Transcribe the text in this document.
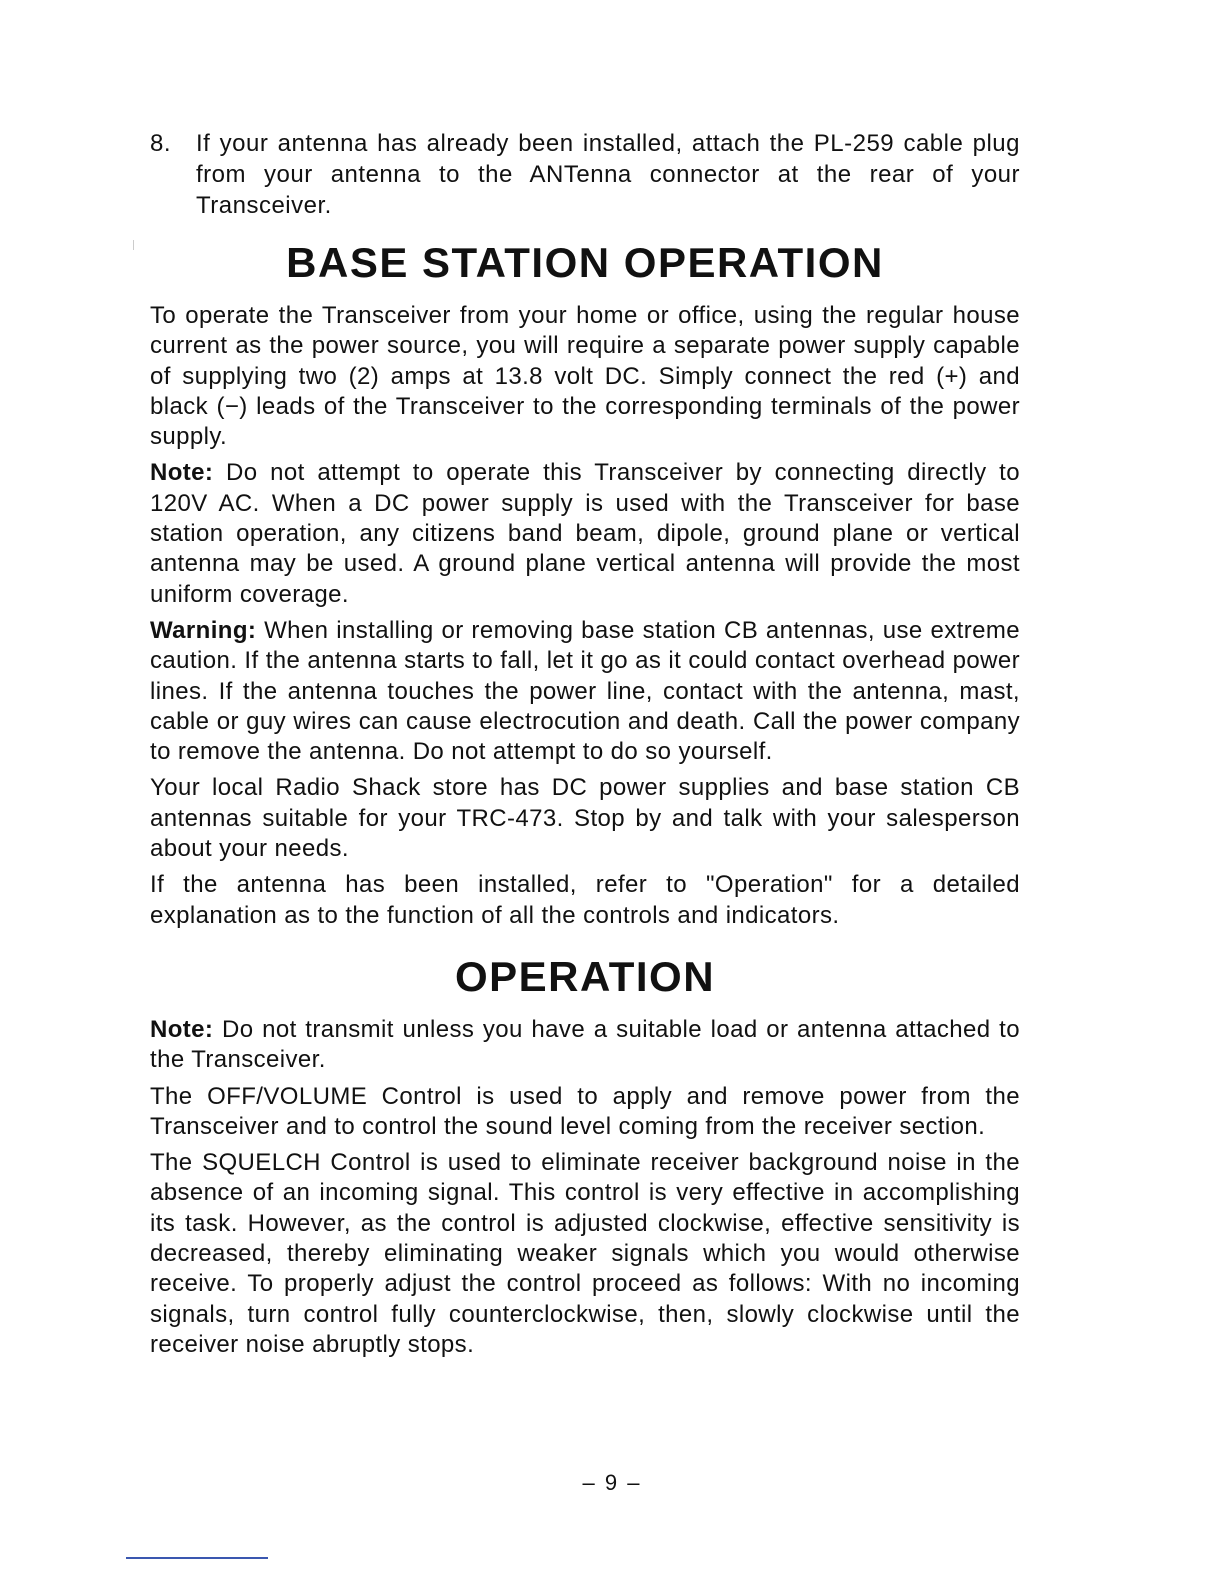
8.	If your antenna has already been installed, attach the PL-259 cable plug from your antenna to the ANTenna connector at the rear of your Transceiver.
BASE STATION OPERATION

To operate the Transceiver from your home or office, using the regular house current as the power source, you will require a separate power supply capable of supplying two (2) amps at 13.8 volt DC. Simply connect the red (+) and black (−) leads of the Transceiver to the corresponding terminals of the power supply.

Note: Do not attempt to operate this Transceiver by connecting directly to 120V AC. When a DC power supply is used with the Transceiver for base station operation, any citizens band beam, dipole, ground plane or vertical antenna may be used. A ground plane vertical antenna will provide the most uniform coverage.

Warning: When installing or removing base station CB antennas, use extreme caution. If the antenna starts to fall, let it go as it could contact overhead power lines. If the antenna touches the power line, contact with the antenna, mast, cable or guy wires can cause electrocution and death. Call the power company to remove the antenna. Do not attempt to do so yourself.

Your local Radio Shack store has DC power supplies and base station CB antennas suitable for your TRC-473. Stop by and talk with your salesperson about your needs.

If the antenna has been installed, refer to "Operation" for a detailed explanation as to the function of all the controls and indicators.

OPERATION

Note: Do not transmit unless you have a suitable load or antenna attached to the Transceiver.

The OFF/VOLUME Control is used to apply and remove power from the Transceiver and to control the sound level coming from the receiver section.

The SQUELCH Control is used to eliminate receiver background noise in the absence of an incoming signal. This control is very effective in accomplishing its task. However, as the control is adjusted clockwise, effective sensitivity is decreased, thereby eliminating weaker signals which you would otherwise receive. To properly adjust the control proceed as follows: With no incoming signals, turn control fully counterclockwise, then, slowly clockwise until the receiver noise abruptly stops.

– 9 –
